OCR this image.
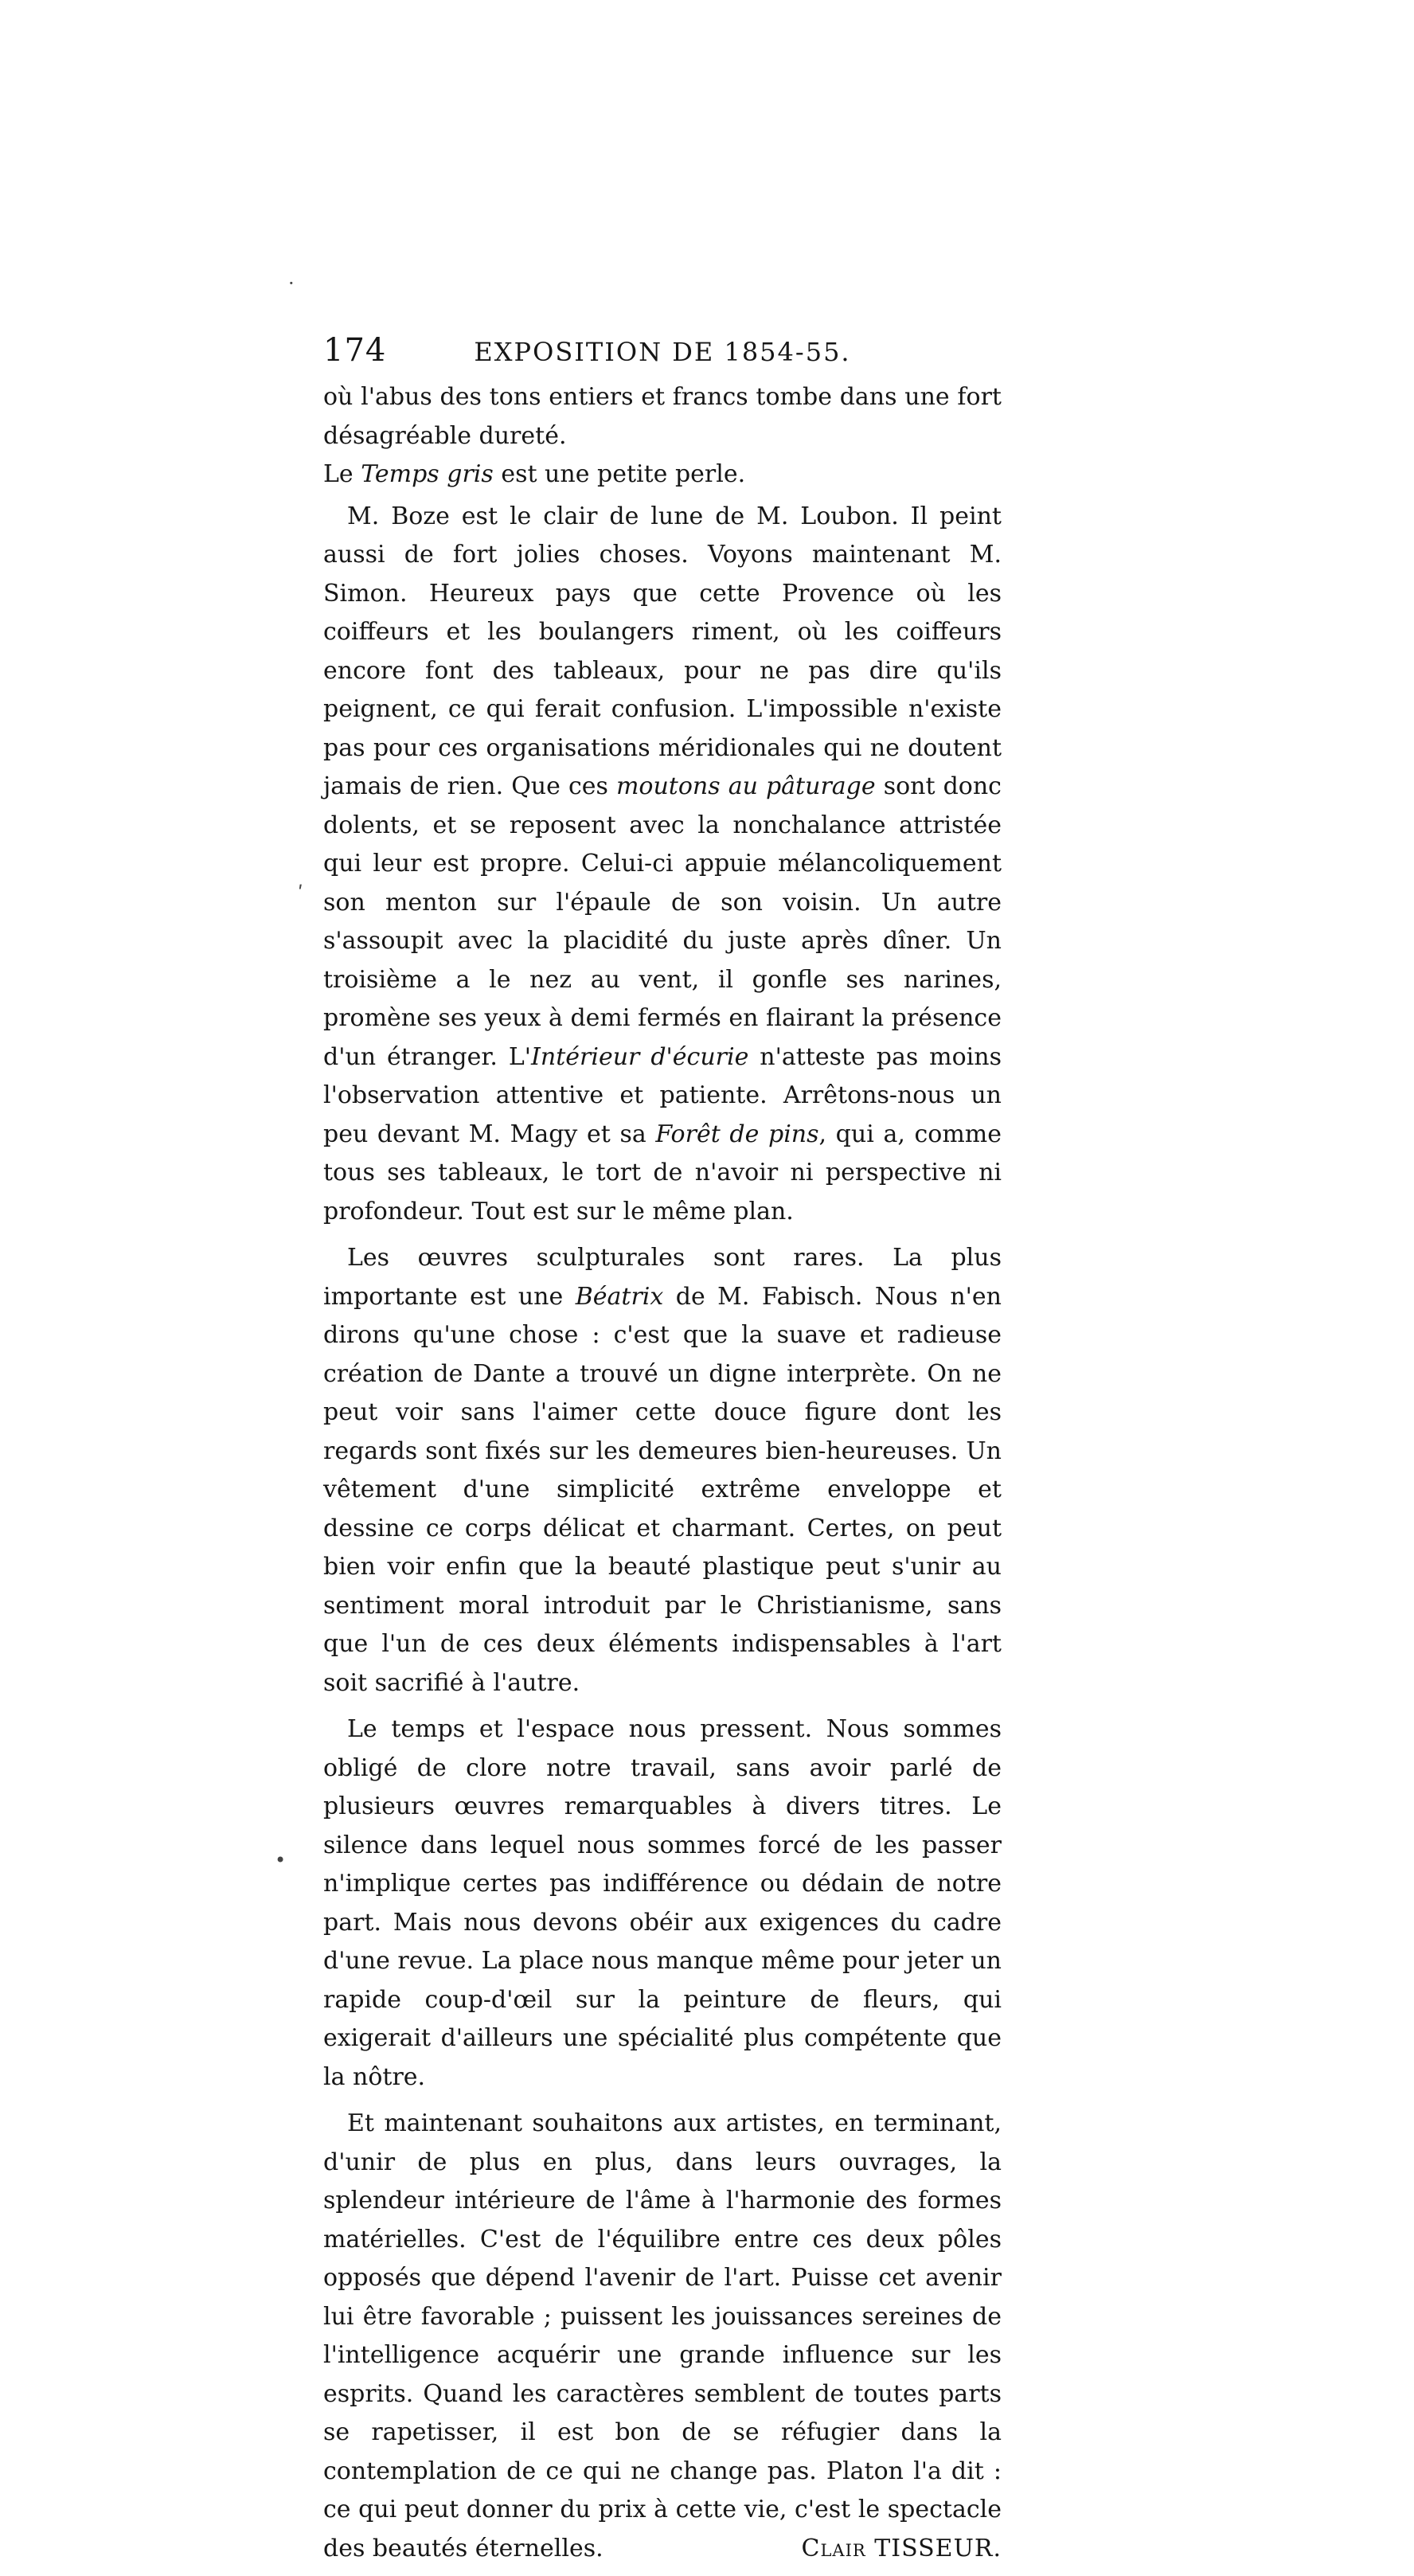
174	EXPOSITION DE 1854-55.

où l'abus des tons entiers et francs tombe dans une fort désagréable dureté.
Le Temps gris est une petite perle.

M. Boze est le clair de lune de M. Loubon. Il peint aussi de fort jolies choses. Voyons maintenant M. Simon. Heureux pays que cette Provence où les coiffeurs et les boulangers riment, où les coiffeurs encore font des tableaux, pour ne pas dire qu'ils peignent, ce qui ferait confusion. L'impossible n'existe pas pour ces organisations méridionales qui ne doutent jamais de rien. Que ces moutons au pâturage sont donc dolents, et se reposent avec la nonchalance attristée qui leur est propre. Celui-ci appuie mélancoliquement son menton sur l'épaule de son voisin. Un autre s'assoupit avec la placidité du juste après dîner. Un troisième a le nez au vent, il gonfle ses narines, promène ses yeux à demi fermés en flairant la présence d'un étranger. L'Intérieur d'écurie n'atteste pas moins l'observation attentive et patiente. Arrêtons-nous un peu devant M. Magy et sa Forêt de pins, qui a, comme tous ses tableaux, le tort de n'avoir ni perspective ni profondeur. Tout est sur le même plan.

Les œuvres sculpturales sont rares. La plus importante est une Béatrix de M. Fabisch. Nous n'en dirons qu'une chose : c'est que la suave et radieuse création de Dante a trouvé un digne interprète. On ne peut voir sans l'aimer cette douce figure dont les regards sont fixés sur les demeures bien-heureuses. Un vêtement d'une simplicité extrême enveloppe et dessine ce corps délicat et charmant. Certes, on peut bien voir enfin que la beauté plastique peut s'unir au sentiment moral introduit par le Christianisme, sans que l'un de ces deux éléments indispensables à l'art soit sacrifié à l'autre.

Le temps et l'espace nous pressent. Nous sommes obligé de clore notre travail, sans avoir parlé de plusieurs œuvres remarquables à divers titres. Le silence dans lequel nous sommes forcé de les passer n'implique certes pas indifférence ou dédain de notre part. Mais nous devons obéir aux exigences du cadre d'une revue. La place nous manque même pour jeter un rapide coup-d'œil sur la peinture de fleurs, qui exigerait d'ailleurs une spécialité plus compétente que la nôtre.

Et maintenant souhaitons aux artistes, en terminant, d'unir de plus en plus, dans leurs ouvrages, la splendeur intérieure de l'âme à l'harmonie des formes matérielles. C'est de l'équilibre entre ces deux pôles opposés que dépend l'avenir de l'art. Puisse cet avenir lui être favorable ; puissent les jouissances sereines de l'intelligence acquérir une grande influence sur les esprits. Quand les caractères semblent de toutes parts se rapetisser, il est bon de se réfugier dans la contemplation de ce qui ne change pas. Platon l'a dit : ce qui peut donner du prix à cette vie, c'est le spectacle des beautés éternelles.	Clair TISSEUR.

·
ʹ
•
